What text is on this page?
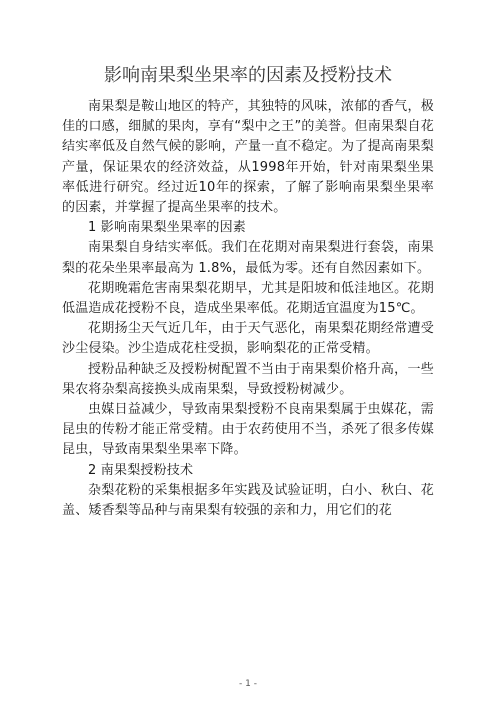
影响南果梨坐果率的因素及授粉技术

南果梨是鞍山地区的特产，其独特的风味，浓郁的香气，极佳的口感，细腻的果肉，享有“梨中之王”的美誉。但南果梨自花结实率低及自然气候的影响，产量一直不稳定。为了提高南果梨产量，保证果农的经济效益，从1998年开始，针对南果梨坐果率低进行研究。经过近10年的探索，了解了影响南果梨坐果率的因素，并掌握了提高坐果率的技术。

1 影响南果梨坐果率的因素

南果梨自身结实率低。我们在花期对南果梨进行套袋，南果梨的花朵坐果率最高为 1.8%，最低为零。还有自然因素如下。

花期晚霜危害南果梨花期早，尤其是阳坡和低洼地区。花期低温造成花授粉不良，造成坐果率低。花期适宜温度为15℃。

花期扬尘天气近几年，由于天气恶化，南果梨花期经常遭受沙尘侵染。沙尘造成花柱受损，影响梨花的正常受精。

授粉品种缺乏及授粉树配置不当由于南果梨价格升高，一些果农将杂梨高接换头成南果梨，导致授粉树减少。

虫媒日益减少，导致南果梨授粉不良南果梨属于虫媒花，需昆虫的传粉才能正常受精。由于农药使用不当，杀死了很多传媒昆虫，导致南果梨坐果率下降。

2 南果梨授粉技术

杂梨花粉的采集根据多年实践及试验证明，白小、秋白、花盖、矮香梨等品种与南果梨有较强的亲和力，用它们的花

- 1 -
